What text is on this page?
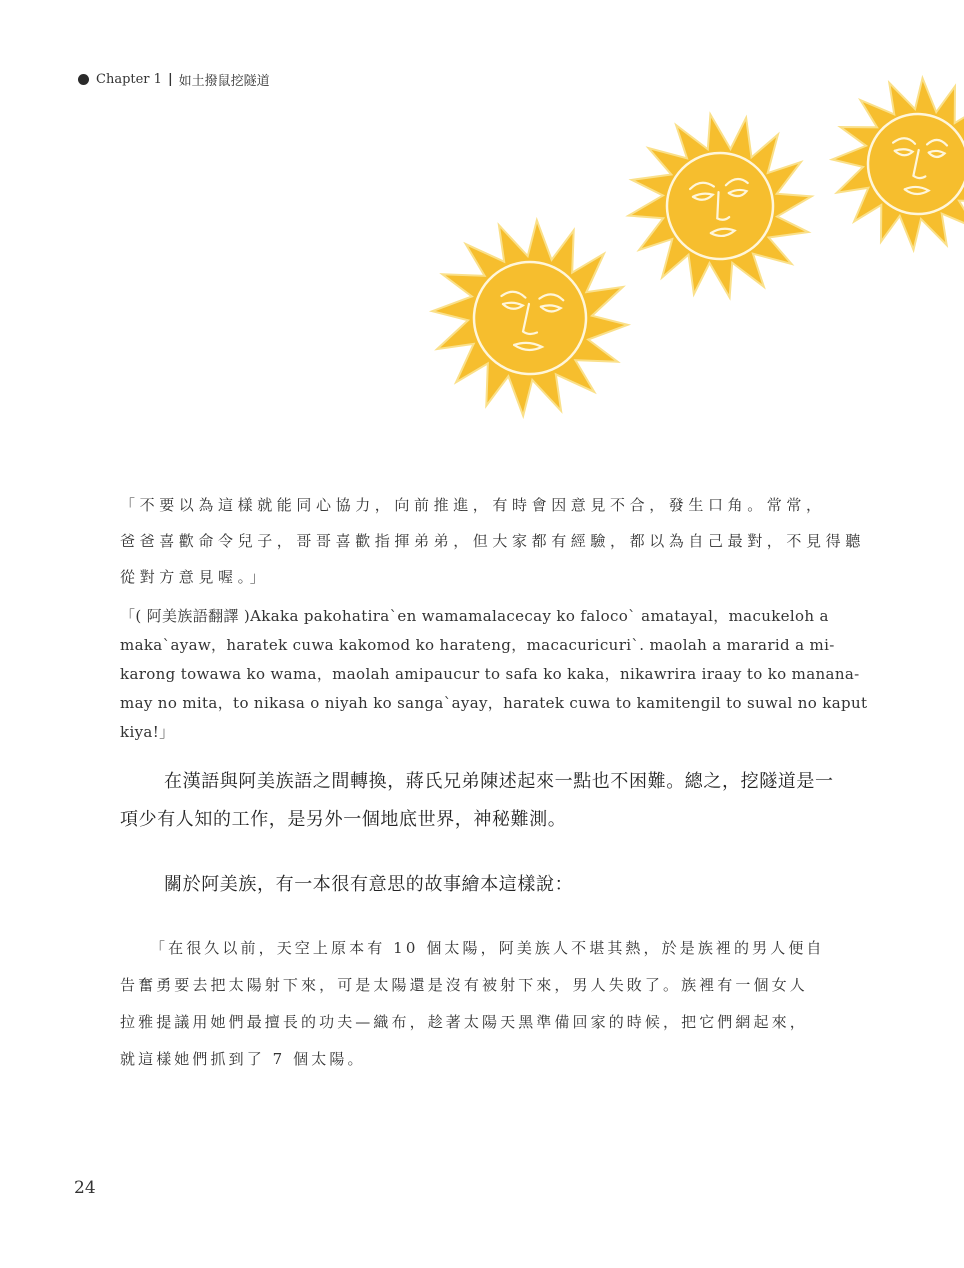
Chapter 1 | 如土撥鼠挖隧道
「不要以為這樣就能同心協力，向前推進，有時會因意見不合，發生口角。常常，
爸爸喜歡命令兒子，哥哥喜歡指揮弟弟，但大家都有經驗，都以為自己最對，不見得聽
從對方意見喔。」
「( 阿美族語翻譯 )Akaka pakohatira`en wamamalacecay ko faloco` amatayal，macukeloh a
maka`ayaw，haratek cuwa kakomod ko harateng，macacuricuri`. maolah a mararid a mi-
karong towawa ko wama，maolah amipaucur to safa ko kaka，nikawrira iraay to ko manana-
may no mita，to nikasa o niyah ko sanga`ayay，haratek cuwa to kamitengil to suwal no kaput
kiya!」
在漢語與阿美族語之間轉換，蔣氏兄弟陳述起來一點也不困難。總之，挖隧道是一
項少有人知的工作，是另外一個地底世界，神秘難測。
關於阿美族，有一本很有意思的故事繪本這樣說：
「在很久以前，天空上原本有 10 個太陽，阿美族人不堪其熱，於是族裡的男人便自
告奮勇要去把太陽射下來，可是太陽還是沒有被射下來，男人失敗了。族裡有一個女人
拉雅提議用她們最擅長的功夫—織布，趁著太陽天黑準備回家的時候，把它們網起來，
就這樣她們抓到了 7 個太陽。
24
